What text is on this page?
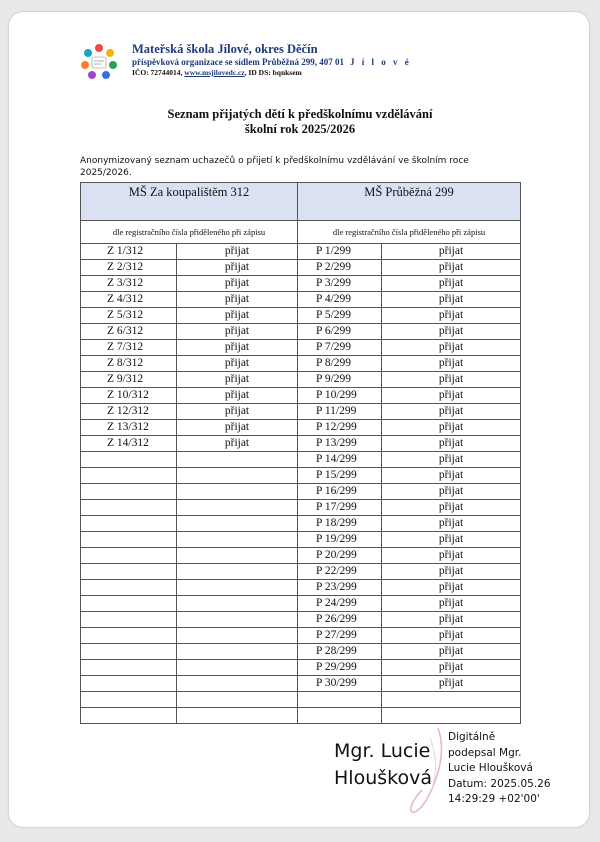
Mateřská škola Jílové, okres Děčín
příspěvková organizace se sídlem Průběžná 299, 407 01 J í l o v é
IČO: 72744014, www.msjilovedc.cz, ID DS: bqnksem
Seznam přijatých dětí k předškolnímu vzdělávání
školní rok 2025/2026
Anonymizovaný seznam uchazečů o přijetí k předškolnímu vzdělávání ve školním roce
2025/2026.
MŠ Za koupalištěm 312		MŠ Průběžná 299	
dle registračního čísla přiděleného při zápisu		dle registračního čísla přiděleného při zápisu	
Z 1/312	přijat	P 1/299	přijat
Z 2/312	přijat	P 2/299	přijat
Z 3/312	přijat	P 3/299	přijat
Z 4/312	přijat	P 4/299	přijat
Z 5/312	přijat	P 5/299	přijat
Z 6/312	přijat	P 6/299	přijat
Z 7/312	přijat	P 7/299	přijat
Z 8/312	přijat	P 8/299	přijat
Z 9/312	přijat	P 9/299	přijat
Z 10/312	přijat	P 10/299	přijat
Z 12/312	přijat	P 11/299	přijat
Z 13/312	přijat	P 12/299	přijat
Z 14/312	přijat	P 13/299	přijat
		P 14/299	přijat
		P 15/299	přijat
		P 16/299	přijat
		P 17/299	přijat
		P 18/299	přijat
		P 19/299	přijat
		P 20/299	přijat
		P 22/299	přijat
		P 23/299	přijat
		P 24/299	přijat
		P 26/299	přijat
		P 27/299	přijat
		P 28/299	přijat
		P 29/299	přijat
		P 30/299	přijat

Mgr. Lucie
Hloušková
Digitálně
podepsal Mgr.
Lucie Hloušková
Datum: 2025.05.26
14:29:29 +02'00'
